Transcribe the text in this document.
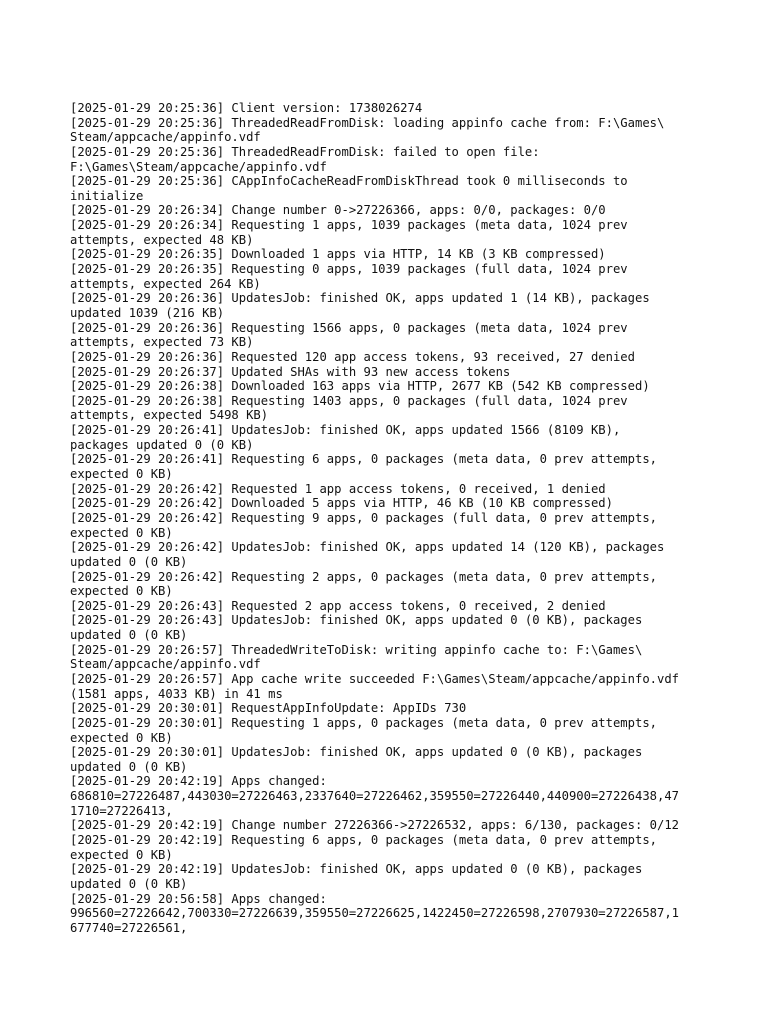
[2025-01-29 20:25:36] Client version: 1738026274
[2025-01-29 20:25:36] ThreadedReadFromDisk: loading appinfo cache from: F:\Games\
Steam/appcache/appinfo.vdf
[2025-01-29 20:25:36] ThreadedReadFromDisk: failed to open file:
F:\Games\Steam/appcache/appinfo.vdf
[2025-01-29 20:25:36] CAppInfoCacheReadFromDiskThread took 0 milliseconds to
initialize
[2025-01-29 20:26:34] Change number 0->27226366, apps: 0/0, packages: 0/0
[2025-01-29 20:26:34] Requesting 1 apps, 1039 packages (meta data, 1024 prev
attempts, expected 48 KB)
[2025-01-29 20:26:35] Downloaded 1 apps via HTTP, 14 KB (3 KB compressed)
[2025-01-29 20:26:35] Requesting 0 apps, 1039 packages (full data, 1024 prev
attempts, expected 264 KB)
[2025-01-29 20:26:36] UpdatesJob: finished OK, apps updated 1 (14 KB), packages
updated 1039 (216 KB)
[2025-01-29 20:26:36] Requesting 1566 apps, 0 packages (meta data, 1024 prev
attempts, expected 73 KB)
[2025-01-29 20:26:36] Requested 120 app access tokens, 93 received, 27 denied
[2025-01-29 20:26:37] Updated SHAs with 93 new access tokens
[2025-01-29 20:26:38] Downloaded 163 apps via HTTP, 2677 KB (542 KB compressed)
[2025-01-29 20:26:38] Requesting 1403 apps, 0 packages (full data, 1024 prev
attempts, expected 5498 KB)
[2025-01-29 20:26:41] UpdatesJob: finished OK, apps updated 1566 (8109 KB),
packages updated 0 (0 KB)
[2025-01-29 20:26:41] Requesting 6 apps, 0 packages (meta data, 0 prev attempts,
expected 0 KB)
[2025-01-29 20:26:42] Requested 1 app access tokens, 0 received, 1 denied
[2025-01-29 20:26:42] Downloaded 5 apps via HTTP, 46 KB (10 KB compressed)
[2025-01-29 20:26:42] Requesting 9 apps, 0 packages (full data, 0 prev attempts,
expected 0 KB)
[2025-01-29 20:26:42] UpdatesJob: finished OK, apps updated 14 (120 KB), packages
updated 0 (0 KB)
[2025-01-29 20:26:42] Requesting 2 apps, 0 packages (meta data, 0 prev attempts,
expected 0 KB)
[2025-01-29 20:26:43] Requested 2 app access tokens, 0 received, 2 denied
[2025-01-29 20:26:43] UpdatesJob: finished OK, apps updated 0 (0 KB), packages
updated 0 (0 KB)
[2025-01-29 20:26:57] ThreadedWriteToDisk: writing appinfo cache to: F:\Games\
Steam/appcache/appinfo.vdf
[2025-01-29 20:26:57] App cache write succeeded F:\Games\Steam/appcache/appinfo.vdf
(1581 apps, 4033 KB) in 41 ms
[2025-01-29 20:30:01] RequestAppInfoUpdate: AppIDs 730
[2025-01-29 20:30:01] Requesting 1 apps, 0 packages (meta data, 0 prev attempts,
expected 0 KB)
[2025-01-29 20:30:01] UpdatesJob: finished OK, apps updated 0 (0 KB), packages
updated 0 (0 KB)
[2025-01-29 20:42:19] Apps changed:
686810=27226487,443030=27226463,2337640=27226462,359550=27226440,440900=27226438,47
1710=27226413,
[2025-01-29 20:42:19] Change number 27226366->27226532, apps: 6/130, packages: 0/12
[2025-01-29 20:42:19] Requesting 6 apps, 0 packages (meta data, 0 prev attempts,
expected 0 KB)
[2025-01-29 20:42:19] UpdatesJob: finished OK, apps updated 0 (0 KB), packages
updated 0 (0 KB)
[2025-01-29 20:56:58] Apps changed:
996560=27226642,700330=27226639,359550=27226625,1422450=27226598,2707930=27226587,1
677740=27226561,
